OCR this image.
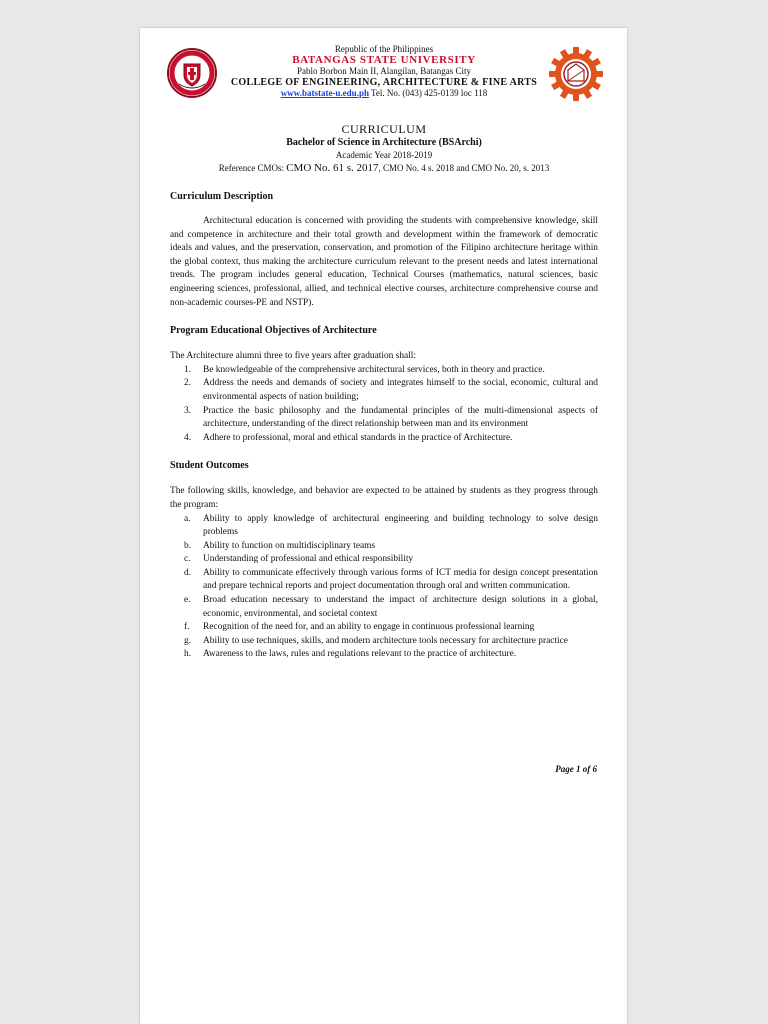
Republic of the Philippines

BATANGAS STATE UNIVERSITY

Pablo Borbon Main II, Alangilan, Batangas City

COLLEGE OF ENGINEERING, ARCHITECTURE & FINE ARTS

www.batstate-u.edu.ph Tel. No. (043) 425-0139 loc 118

CURRICULUM
Bachelor of Science in Architecture (BSArchi)
Academic Year 2018-2019
Reference CMOs: CMO No. 61 s. 2017, CMO No. 4 s. 2018 and CMO No. 20, s. 2013
Curriculum Description

Architectural education is concerned with providing the students with comprehensive knowledge, skill and competence in architecture and their total growth and development within the framework of democratic ideals and values, and the preservation, conservation, and promotion of the Filipino architecture heritage within the global context, thus making the architecture curriculum relevant to the present needs and latest international trends. The program includes general education, Technical Courses (mathematics, natural sciences, basic engineering sciences, professional, allied, and technical elective courses, architecture comprehensive course and non-academic courses-PE and NSTP).

Program Educational Objectives of Architecture

The Architecture alumni three to five years after graduation shall:

1. Be knowledgeable of the comprehensive architectural services, both in theory and practice.
2. Address the needs and demands of society and integrates himself to the social, economic, cultural and environmental aspects of nation building;
3. Practice the basic philosophy and the fundamental principles of the multi-dimensional aspects of architecture, understanding of the direct relationship between man and its environment
4. Adhere to professional, moral and ethical standards in the practice of Architecture.
Student Outcomes

The following skills, knowledge, and behavior are expected to be attained by students as they progress through the program:

a. Ability to apply knowledge of architectural engineering and building technology to solve design problems
b. Ability to function on multidisciplinary teams
c. Understanding of professional and ethical responsibility
d. Ability to communicate effectively through various forms of ICT media for design concept presentation and prepare technical reports and project documentation through oral and written communication.
e. Broad education necessary to understand the impact of architecture design solutions in a global, economic, environmental, and societal context
f. Recognition of the need for, and an ability to engage in continuous professional learning
g. Ability to use techniques, skills, and modern architecture tools necessary for architecture practice
h. Awareness to the laws, rules and regulations relevant to the practice of architecture.
Page 1 of 6
